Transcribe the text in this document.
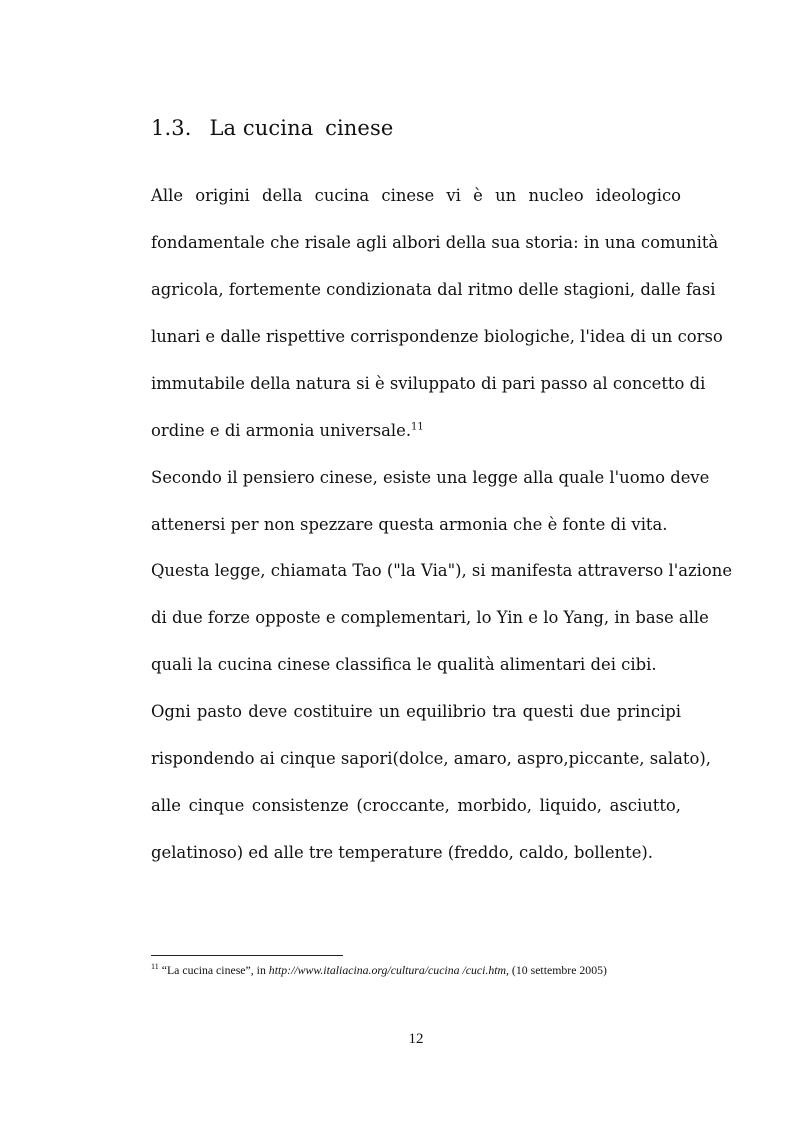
1.3. La cucina cinese
Alle origini della cucina cinese vi è un nucleo ideologico
fondamentale che risale agli albori della sua storia: in una comunità
agricola, fortemente condizionata dal ritmo delle stagioni, dalle fasi
lunari e dalle rispettive corrispondenze biologiche, l'idea di un corso
immutabile della natura si è sviluppato di pari passo al concetto di
ordine e di armonia universale.$^{11}$
Secondo il pensiero cinese, esiste una legge alla quale l'uomo deve
attenersi per non spezzare questa armonia che è fonte di vita.
Questa legge, chiamata Tao ("la Via"), si manifesta attraverso l'azione
di due forze opposte e complementari, lo Yin e lo Yang, in base alle
quali la cucina cinese classifica le qualità alimentari dei cibi.
Ogni pasto deve costituire un equilibrio tra questi due principi
rispondendo ai cinque sapori(dolce, amaro, aspro,piccante, salato),
alle cinque consistenze (croccante, morbido, liquido, asciutto,
gelatinoso) ed alle tre temperature (freddo, caldo, bollente).
$^{11}$ “La cucina cinese”, in http://www.italiacina.org/cultura/cucina /cuci.htm, (10 settembre 2005)
12
